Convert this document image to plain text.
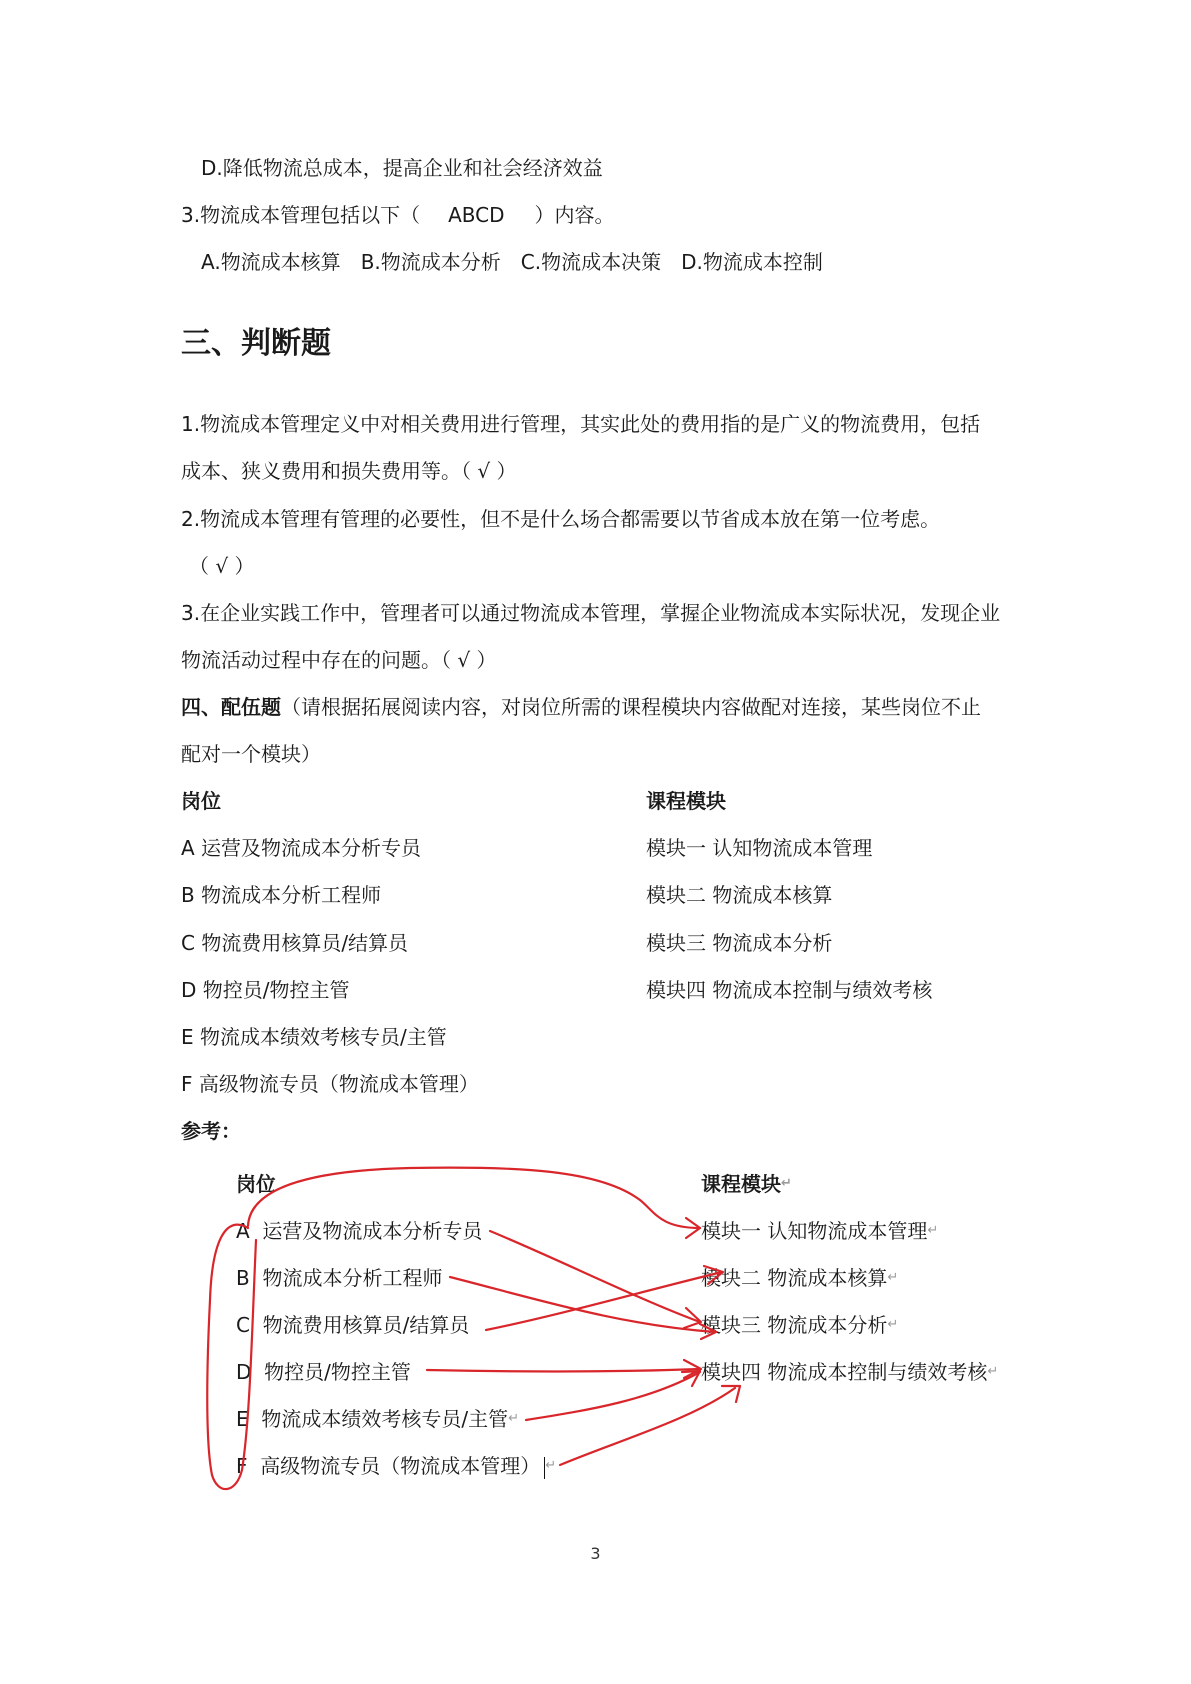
D.降低物流总成本，提高企业和社会经济效益
3.物流成本管理包括以下（ ABCD ）内容。
A.物流成本核算 B.物流成本分析 C.物流成本决策 D.物流成本控制
三、判断题
1.物流成本管理定义中对相关费用进行管理，其实此处的费用指的是广义的物流费用，包括
成本、狭义费用和损失费用等。（ √ ）
2.物流成本管理有管理的必要性，但不是什么场合都需要以节省成本放在第一位考虑。
（ √ ）
3.在企业实践工作中，管理者可以通过物流成本管理，掌握企业物流成本实际状况，发现企业
物流活动过程中存在的问题。（ √ ）
四、配伍题（请根据拓展阅读内容，对岗位所需的课程模块内容做配对连接，某些岗位不止
配对一个模块）
岗位	课程模块
A 运营及物流成本分析专员
B 物流成本分析工程师
C 物流费用核算员/结算员
D 物控员/物控主管
E 物流成本绩效考核专员/主管
F 高级物流专员（物流成本管理）
模块一 认知物流成本管理
模块二 物流成本核算
模块三 物流成本分析
模块四 物流成本控制与绩效考核
参考：
岗位	课程模块↵
A 运营及物流成本分析专员
B 物流成本分析工程师
C 物流费用核算员/结算员
D 物控员/物控主管
E 物流成本绩效考核专员/主管↵
F 高级物流专员（物流成本管理） ↵
模块一 认知物流成本管理↵
模块二 物流成本核算↵
模块三 物流成本分析↵
模块四 物流成本控制与绩效考核↵
3
